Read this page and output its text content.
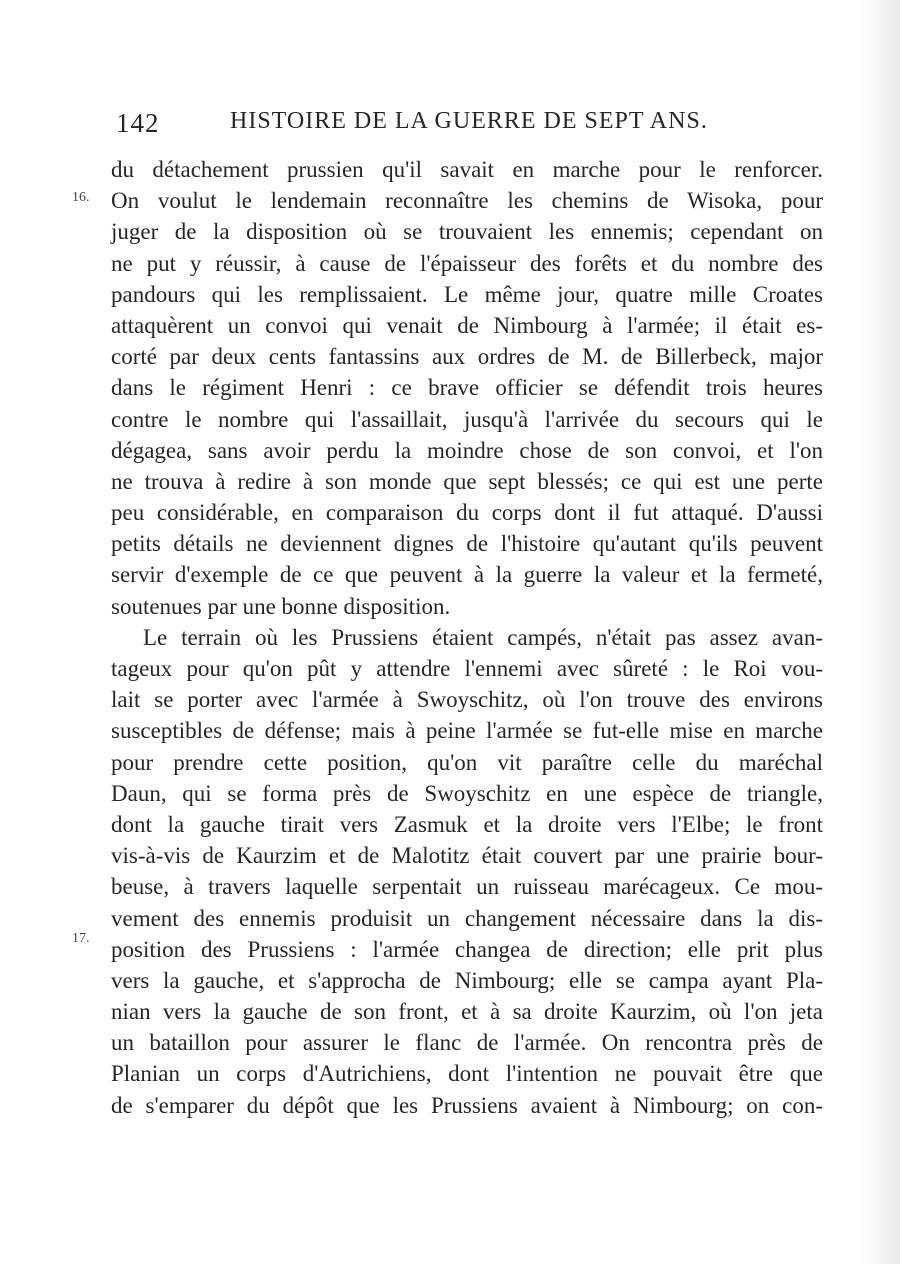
142	HISTOIRE DE LA GUERRE DE SEPT ANS.
16.
17.
du détachement prussien qu'il savait en marche pour le renforcer.
On voulut le lendemain reconnaître les chemins de Wisoka, pour
juger de la disposition où se trouvaient les ennemis; cependant on
ne put y réussir, à cause de l'épaisseur des forêts et du nombre des
pandours qui les remplissaient. Le même jour, quatre mille Croates
attaquèrent un convoi qui venait de Nimbourg à l'armée; il était es-
corté par deux cents fantassins aux ordres de M. de Billerbeck, major
dans le régiment Henri : ce brave officier se défendit trois heures
contre le nombre qui l'assaillait, jusqu'à l'arrivée du secours qui le
dégagea, sans avoir perdu la moindre chose de son convoi, et l'on
ne trouva à redire à son monde que sept blessés; ce qui est une perte
peu considérable, en comparaison du corps dont il fut attaqué. D'aussi
petits détails ne deviennent dignes de l'histoire qu'autant qu'ils peuvent
servir d'exemple de ce que peuvent à la guerre la valeur et la fermeté,
soutenues par une bonne disposition.
Le terrain où les Prussiens étaient campés, n'était pas assez avan-
tageux pour qu'on pût y attendre l'ennemi avec sûreté : le Roi vou-
lait se porter avec l'armée à Swoyschitz, où l'on trouve des environs
susceptibles de défense; mais à peine l'armée se fut-elle mise en marche
pour prendre cette position, qu'on vit paraître celle du maréchal
Daun, qui se forma près de Swoyschitz en une espèce de triangle,
dont la gauche tirait vers Zasmuk et la droite vers l'Elbe; le front
vis-à-vis de Kaurzim et de Malotitz était couvert par une prairie bour-
beuse, à travers laquelle serpentait un ruisseau marécageux. Ce mou-
vement des ennemis produisit un changement nécessaire dans la dis-
position des Prussiens : l'armée changea de direction; elle prit plus
vers la gauche, et s'approcha de Nimbourg; elle se campa ayant Pla-
nian vers la gauche de son front, et à sa droite Kaurzim, où l'on jeta
un bataillon pour assurer le flanc de l'armée. On rencontra près de
Planian un corps d'Autrichiens, dont l'intention ne pouvait être que
de s'emparer du dépôt que les Prussiens avaient à Nimbourg; on con-
